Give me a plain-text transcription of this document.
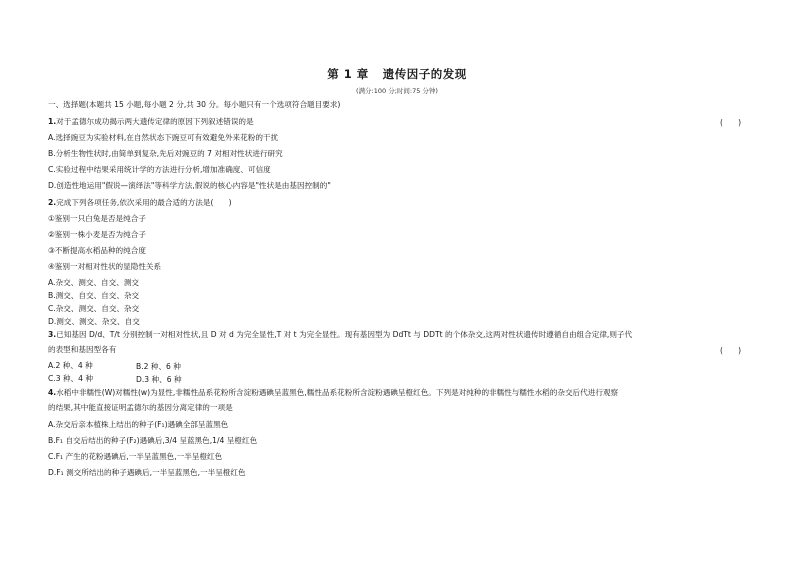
第 1 章 遗传因子的发现
(满分:100 分;时间:75 分钟)
一、选择题(本题共 15 小题,每小题 2 分,共 30 分。每小题只有一个选项符合题目要求)
1.对于孟德尔成功揭示两大遗传定律的原因下列叙述错误的是	(　　)
A.选择豌豆为实验材料,在自然状态下豌豆可有效避免外来花粉的干扰
B.分析生物性状时,由简单到复杂,先后对豌豆的 7 对相对性状进行研究
C.实验过程中结果采用统计学的方法进行分析,增加准确度、可信度
D.创造性地运用"假说—演绎法"等科学方法,假说的核心内容是"性状是由基因控制的"
2.完成下列各项任务,依次采用的最合适的方法是(　　)
①鉴别一只白兔是否是纯合子
②鉴别一株小麦是否为纯合子
③不断提高水稻品种的纯合度
④鉴别一对相对性状的显隐性关系
A.杂交、测交、自交、测交
B.测交、自交、自交、杂交
C.杂交、测交、自交、杂交
D.测交、测交、杂交、自交
3.已知基因 D/d、T/t 分别控制一对相对性状,且 D 对 d 为完全显性,T 对 t 为完全显性。现有基因型为 DdTt 与 DDTt 的个体杂交,这两对性状遗传时遵循自由组合定律,则子代
的表型和基因型各有	(　　)
A.2 种、4 种	B.2 种、6 种
C.3 种、4 种	D.3 种、6 种
4.水稻中非糯性(W)对糯性(w)为显性,非糯性品系花粉所含淀粉遇碘呈蓝黑色,糯性品系花粉所含淀粉遇碘呈橙红色。下列是对纯种的非糯性与糯性水稻的杂交后代进行观察
的结果,其中能直接证明孟德尔的基因分离定律的一项是
A.杂交后亲本植株上结出的种子(F₁)遇碘全部呈蓝黑色
B.F₁ 自交后结出的种子(F₂)遇碘后,3/4 呈蓝黑色,1/4 呈橙红色
C.F₁ 产生的花粉遇碘后,一半呈蓝黑色,一半呈橙红色
D.F₁ 测交所结出的种子遇碘后,一半呈蓝黑色,一半呈橙红色
